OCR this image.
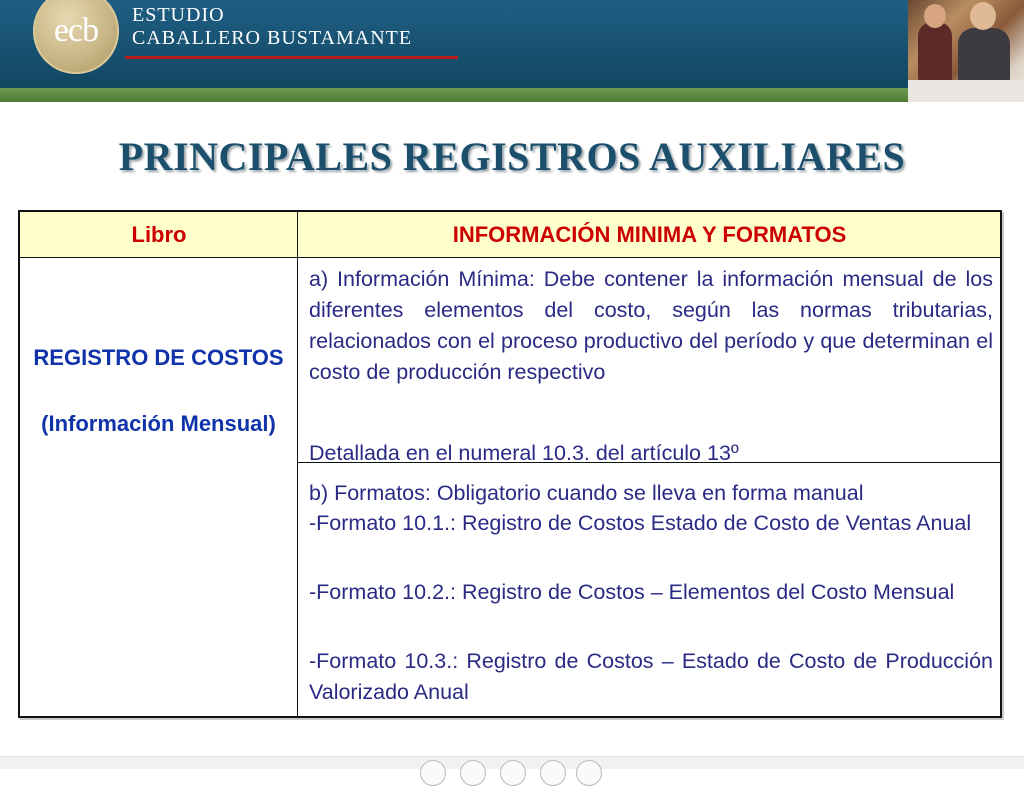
ecb	ESTUDIO
CABALLERO BUSTAMANTE
PRINCIPALES REGISTROS AUXILIARES
Libro	INFORMACIÓN MINIMA Y FORMATOS
REGISTRO DE COSTOS
(Información Mensual)
a) Información Mínima: Debe contener la información mensual de los diferentes elementos del costo, según las normas tributarias, relacionados con el proceso productivo del período y que determinan el costo de producción respectivo
Detallada en el numeral 10.3. del artículo 13º
b) Formatos: Obligatorio cuando se lleva en forma manual
-Formato 10.1.: Registro de Costos Estado de Costo de Ventas Anual
-Formato 10.2.: Registro de Costos – Elementos del Costo Mensual
-Formato 10.3.: Registro de Costos – Estado de Costo de Producción Valorizado Anual
